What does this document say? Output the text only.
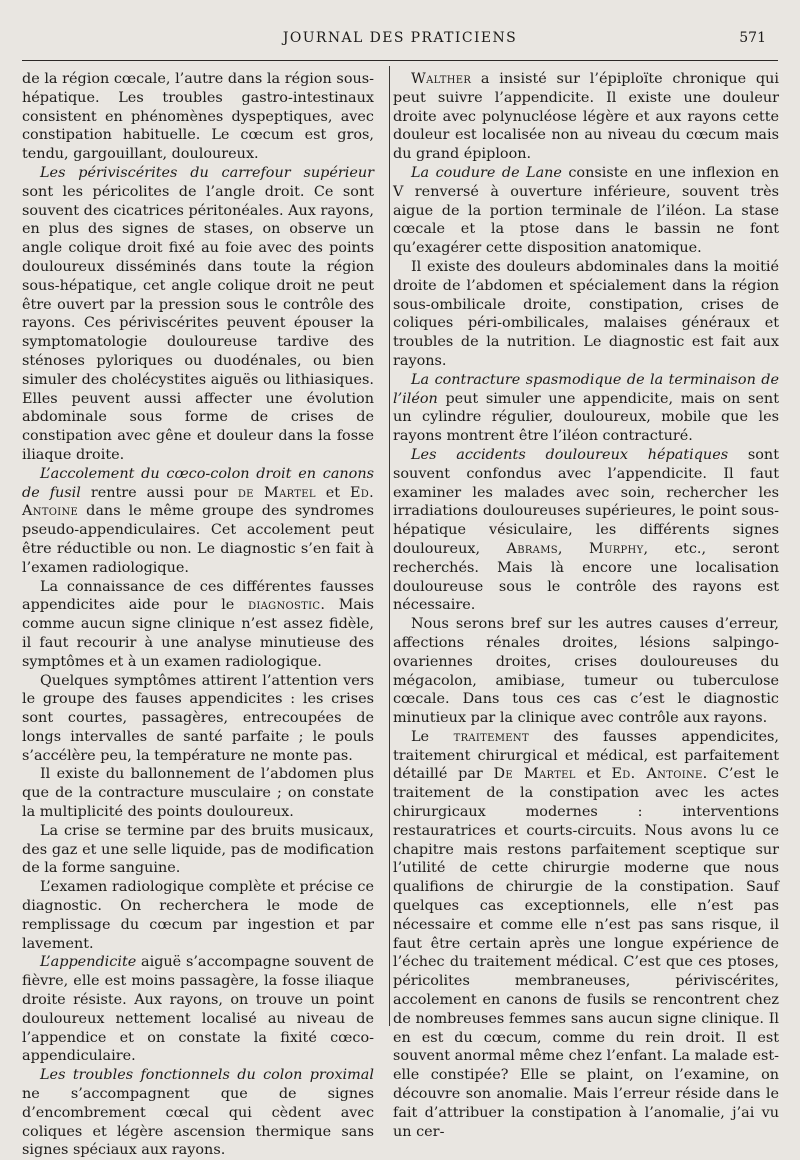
JOURNAL DES PRATICIENS	571

de la région cœcale, l’autre dans la région sous-hépatique. Les troubles gastro-intestinaux consistent en phénomènes dyspeptiques, avec constipation habituelle. Le cœcum est gros, tendu, gargouillant, douloureux.

Les périviscérites du carrefour supérieur sont les péricolites de l’angle droit. Ce sont souvent des cicatrices péritonéales. Aux rayons, en plus des signes de stases, on observe un angle colique droit fixé au foie avec des points douloureux disséminés dans toute la région sous-hépatique, cet angle colique droit ne peut être ouvert par la pression sous le contrôle des rayons. Ces périviscérites peuvent épouser la symptomatologie douloureuse tardive des sténoses pyloriques ou duodénales, ou bien simuler des cholécystites aiguës ou lithiasiques. Elles peuvent aussi affecter une évolution abdominale sous forme de crises de constipation avec gêne et douleur dans la fosse iliaque droite.

L’accolement du cœco-colon droit en canons de fusil rentre aussi pour de Martel et Ed. Antoine dans le même groupe des syndromes pseudo-appendiculaires. Cet accolement peut être réductible ou non. Le diagnostic s’en fait à l’examen radiologique.

La connaissance de ces différentes fausses appendicites aide pour le diagnostic. Mais comme aucun signe clinique n’est assez fidèle, il faut recourir à une analyse minutieuse des symptômes et à un examen radiologique.

Quelques symptômes attirent l’attention vers le groupe des fauses appendicites : les crises sont courtes, passagères, entrecoupées de longs intervalles de santé parfaite ; le pouls s’accélère peu, la température ne monte pas.

Il existe du ballonnement de l’abdomen plus que de la contracture musculaire ; on constate la multiplicité des points douloureux.

La crise se termine par des bruits musicaux, des gaz et une selle liquide, pas de modification de la forme sanguine.

L’examen radiologique complète et précise ce diagnostic. On recherchera le mode de remplissage du cœcum par ingestion et par lavement.

L’appendicite aiguë s’accompagne souvent de fièvre, elle est moins passagère, la fosse iliaque droite résiste. Aux rayons, on trouve un point douloureux nettement localisé au niveau de l’appendice et on constate la fixité cœco-appendiculaire.

Les troubles fonctionnels du colon proximal ne s’accompagnent que de signes d’encombrement cœcal qui cèdent avec coliques et légère ascension thermique sans signes spéciaux aux rayons.

Walther a insisté sur l’épiploïte chronique qui peut suivre l’appendicite. Il existe une douleur droite avec polynucléose légère et aux rayons cette douleur est localisée non au niveau du cœcum mais du grand épiploon.

La coudure de Lane consiste en une inflexion en V renversé à ouverture inférieure, souvent très aigue de la portion terminale de l’iléon. La stase cœcale et la ptose dans le bassin ne font qu’exagérer cette disposition anatomique.

Il existe des douleurs abdominales dans la moitié droite de l’abdomen et spécialement dans la région sous-ombilicale droite, constipation, crises de coliques péri-ombilicales, malaises généraux et troubles de la nutrition. Le diagnostic est fait aux rayons.

La contracture spasmodique de la terminaison de l’iléon peut simuler une appendicite, mais on sent un cylindre régulier, douloureux, mobile que les rayons montrent être l’iléon contracturé.

Les accidents douloureux hépatiques sont souvent confondus avec l’appendicite. Il faut examiner les malades avec soin, rechercher les irradiations douloureuses supérieures, le point sous-hépatique vésiculaire, les différents signes douloureux, Abrams, Murphy, etc., seront recherchés. Mais là encore une localisation douloureuse sous le contrôle des rayons est nécessaire.

Nous serons bref sur les autres causes d’erreur, affections rénales droites, lésions salpingo-ovariennes droites, crises douloureuses du mégacolon, amibiase, tumeur ou tuberculose cœcale. Dans tous ces cas c’est le diagnostic minutieux par la clinique avec contrôle aux rayons.

Le traitement des fausses appendicites, traitement chirurgical et médical, est parfaitement détaillé par De Martel et Ed. Antoine. C’est le traitement de la constipation avec les actes chirurgicaux modernes : interventions restauratrices et courts-circuits. Nous avons lu ce chapitre mais restons parfaitement sceptique sur l’utilité de cette chirurgie moderne que nous qualifions de chirurgie de la constipation. Sauf quelques cas exceptionnels, elle n’est pas nécessaire et comme elle n’est pas sans risque, il faut être certain après une longue expérience de l’échec du traitement médical. C’est que ces ptoses, péricolites membraneuses, périviscérites, accolement en canons de fusils se rencontrent chez de nombreuses femmes sans aucun signe clinique. Il en est du cœcum, comme du rein droit. Il est souvent anormal même chez l’enfant. La malade est-elle constipée? Elle se plaint, on l’examine, on découvre son anomalie. Mais l’erreur réside dans le fait d’attribuer la constipation à l’anomalie, j’ai vu un cer-
